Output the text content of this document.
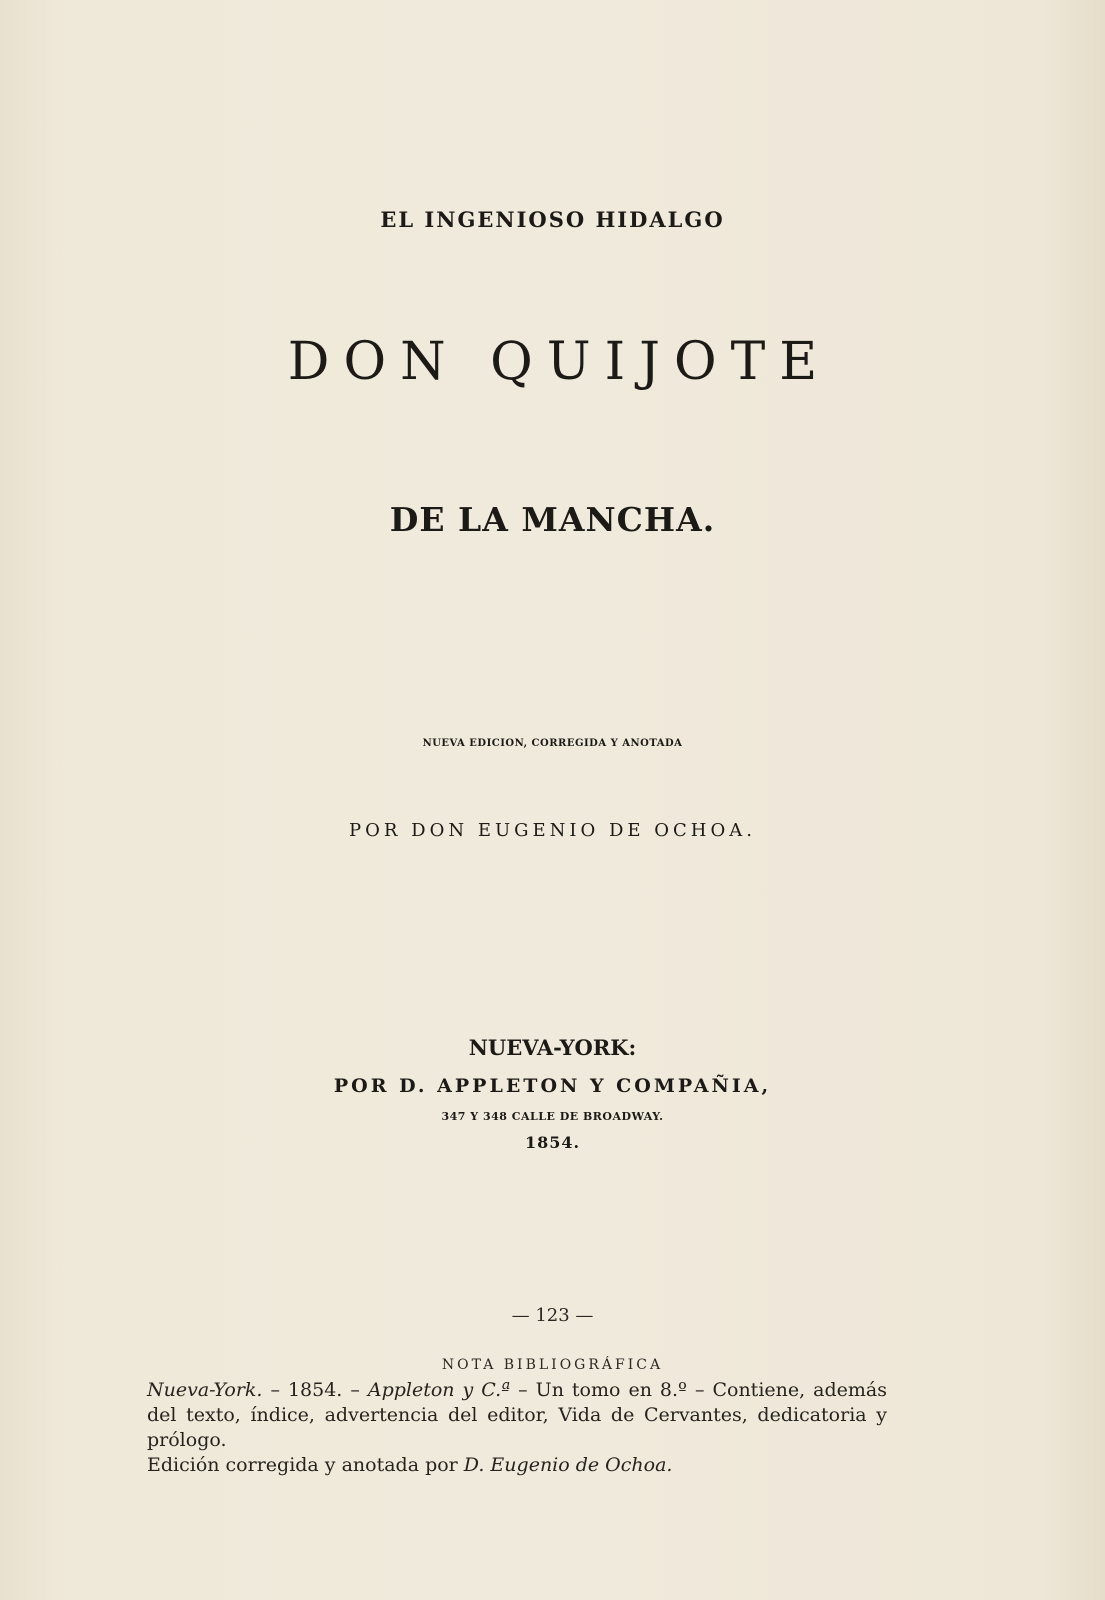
EL INGENIOSO HIDALGO
DON QUIJOTE
DE LA MANCHA.
NUEVA EDICION, CORREGIDA Y ANOTADA
POR DON EUGENIO DE OCHOA.
NUEVA-YORK:
POR D. APPLETON Y COMPAÑIA,
347 Y 348 CALLE DE BROADWAY.
1854.
— 123 —
NOTA BIBLIOGRÁFICA

Nueva-York. – 1854. – Appleton y C.ª – Un tomo en 8.º – Contiene, además del texto, índice, advertencia del editor, Vida de Cervantes, dedicatoria y prólogo.

Edición corregida y anotada por D. Eugenio de Ochoa.
